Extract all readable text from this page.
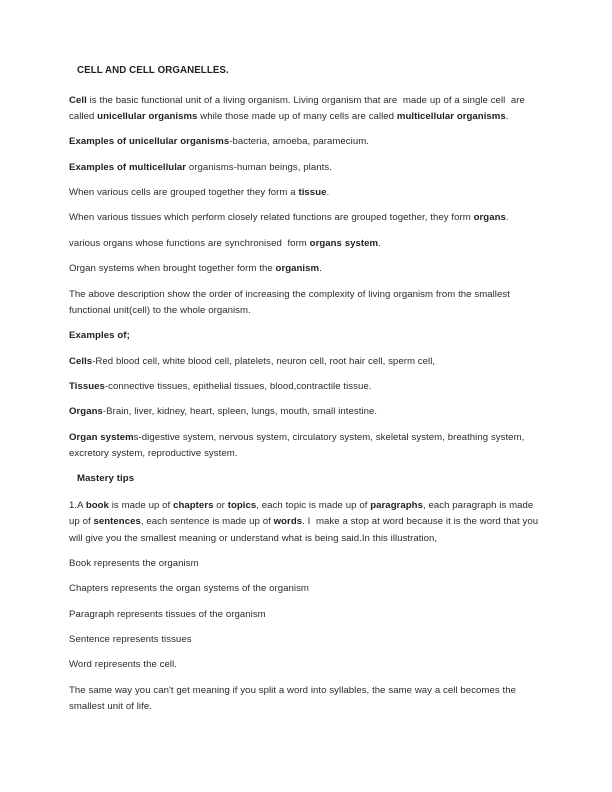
CELL AND CELL ORGANELLES.
Cell is the basic functional unit of a living organism. Living organism that are  made up of a single cell  are called unicellular organisms while those made up of many cells are called multicellular organisms.
Examples of unicellular organisms-bacteria, amoeba, paramecium.
Examples of multicellular organisms-human beings, plants.
When various cells are grouped together they form a tissue.
When various tissues which perform closely related functions are grouped together, they form organs.
various organs whose functions are synchronised  form organs system.
Organ systems when brought together form the organism.
The above description show the order of increasing the complexity of living organism from the smallest functional unit(cell) to the whole organism.
Examples of;
Cells-Red blood cell, white blood cell, platelets, neuron cell, root hair cell, sperm cell,
Tissues-connective tissues, epithelial tissues, blood,contractile tissue.
Organs-Brain, liver, kidney, heart, spleen, lungs, mouth, small intestine.
Organ systems-digestive system, nervous system, circulatory system, skeletal system, breathing system, excretory system, reproductive system.
Mastery tips
1.A book is made up of chapters or topics, each topic is made up of paragraphs, each paragraph is made up of sentences, each sentence is made up of words. I  make a stop at word because it is the word that you will give you the smallest meaning or understand what is being said.In this illustration,
Book represents the organism
Chapters represents the organ systems of the organism
Paragraph represents tissues of the organism
Sentence represents tissues
Word represents the cell.
The same way you can't get meaning if you split a word into syllables, the same way a cell becomes the smallest unit of life.
